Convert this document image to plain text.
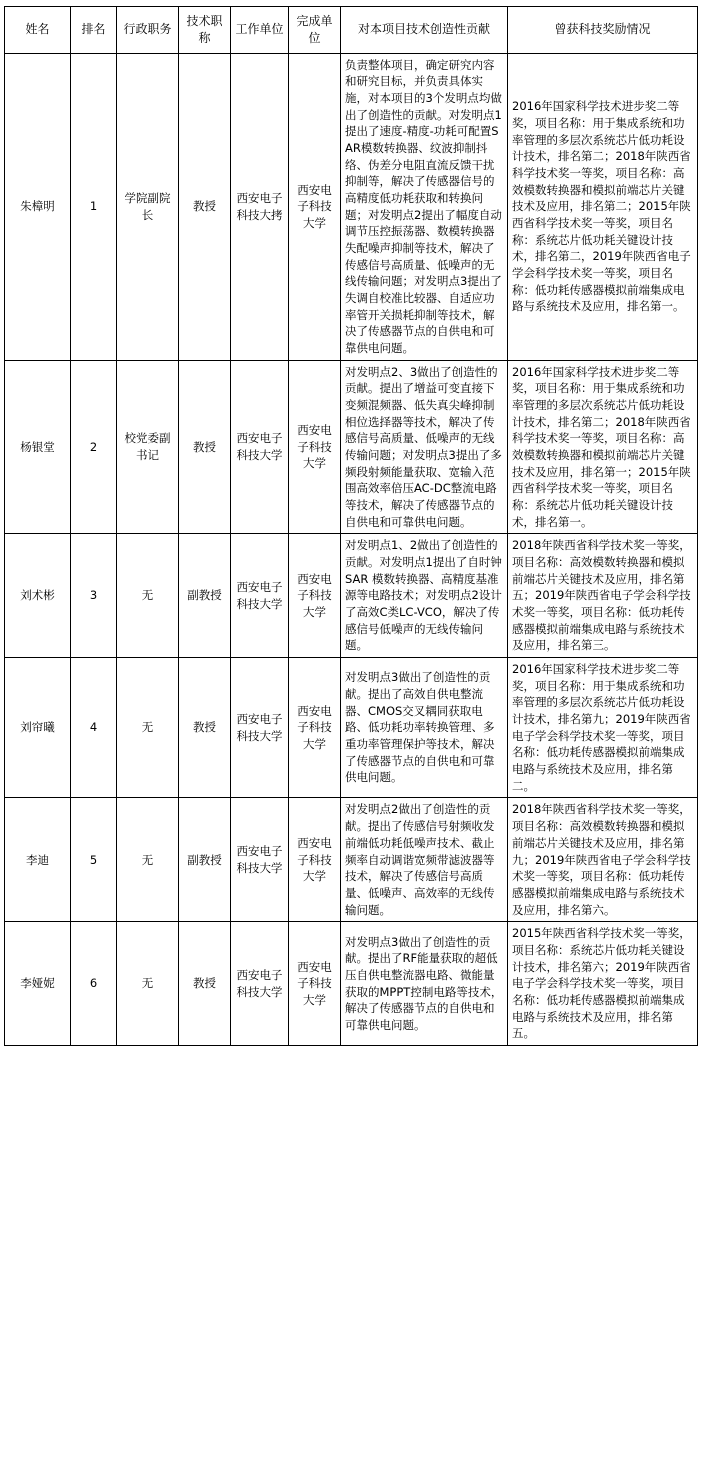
姓名	排名	行政职务	技术职称	工作单位	完成单位	对本项目技术创造性贡献	曾获科技奖励情况
朱樟明	1	学院副院长	教授	西安电子科技大拷	西安电子科技大学	负责整体项目，确定研究内容和研究目标，并负责具体实施，对本项目的3个发明点均做出了创造性的贡献。对发明点1提出了速度-精度-功耗可配置SAR模数转换器、纹波抑制抖络、伪差分电阻直流反馈干扰抑制等，解决了传感器信号的高精度低功耗获取和转换问题；对发明点2提出了幅度自动调节压控振荡器、数模转换器失配噪声抑制等技术，解决了传感信号高质量、低噪声的无线传输问题；对发明点3提出了失调自校准比较器、自适应功率管开关损耗抑制等技术，解决了传感器节点的自供电和可靠供电问题。	2016年国家科学技术进步奖二等奖，项目名称：用于集成系统和功率管理的多层次系统芯片低功耗设计技术，排名第二；2018年陕西省科学技术奖一等奖，项目名称：高效模数转换器和模拟前端芯片关键技术及应用，排名第二；2015年陕西省科学技术奖一等奖，项目名称：系统芯片低功耗关键设计技术，排名第二，2019年陕西省电子学会科学技术奖一等奖，项目名称：低功耗传感器模拟前端集成电路与系统技术及应用，排名第一。
杨银堂	2	校党委副书记	教授	西安电子科技大学	西安电子科技大学	对发明点2、3做出了创造性的贡献。提出了增益可变直接下变频混频器、低失真尖峰抑制相位选择器等技术，解决了传感信号高质量、低噪声的无线传输问题；对发明点3提出了多频段射频能量获取、宽输入范围高效率倍压AC-DC整流电路等技术，解决了传感器节点的自供电和可靠供电问题。	2016年国家科学技术进步奖二等奖，项目名称：用于集成系统和功率管理的多层次系统芯片低功耗设计技术，排名第二；2018年陕西省科学技术奖一等奖，项目名称：高效模数转换器和模拟前端芯片关键技术及应用，排名第一；2015年陕西省科学技术奖一等奖，项目名称：系统芯片低功耗关键设计技术，排名第一。
刘术彬	3	无	副教授	西安电子科技大学	西安电子科技大学	对发明点1、2做出了创造性的贡献。对发明点1提出了自时钟SAR 模数转换器、高精度基准源等电路技术；对发明点2设计了高效C类LC-VCO，解决了传感信号低噪声的无线传输问题。	2018年陕西省科学技术奖一等奖，项目名称：高效模数转换器和模拟前端芯片关键技术及应用，排名第五；2019年陕西省电子学会科学技术奖一等奖，项目名称：低功耗传感器模拟前端集成电路与系统技术及应用，排名第三。
刘帘曦	4	无	教授	西安电子科技大学	西安电子科技大学	对发明点3做出了创造性的贡献。提出了高效自供电整流器、CMOS交叉耦同获取电路、低功耗功率转换管理、多重功率管理保护等技术，解决了传感器节点的自供电和可靠供电问题。	2016年国家科学技术进步奖二等奖，项目名称：用于集成系统和功率管理的多层次系统芯片低功耗设计技术，排名第九；2019年陕西省电子学会科学技术奖一等奖，项目名称：低功耗传感器模拟前端集成电路与系统技术及应用，排名第二。
李迪	5	无	副教授	西安电子科技大学	西安电子科技大学	对发明点2做出了创造性的贡献。提出了传感信号射频收发前端低功耗低噪声技术、截止频率自动调谐宽频带滤波器等技术，解决了传感信号高质量、低噪声、高效率的无线传输问题。	2018年陕西省科学技术奖一等奖，项目名称：高效模数转换器和模拟前端芯片关键技术及应用，排名第九；2019年陕西省电子学会科学技术奖一等奖，项目名称：低功耗传感器模拟前端集成电路与系统技术及应用，排名第六。
李娅妮	6	无	教授	西安电子科技大学	西安电子科技大学	对发明点3做出了创造性的贡献。提出了RF能量获取的超低压自供电整流器电路、微能量获取的MPPT控制电路等技术，解决了传感器节点的自供电和可靠供电问题。	2015年陕西省科学技术奖一等奖，项目名称：系统芯片低功耗关键设计技术，排名第六；2019年陕西省电子学会科学技术奖一等奖，项目名称：低功耗传感器模拟前端集成电路与系统技术及应用，排名第五。
